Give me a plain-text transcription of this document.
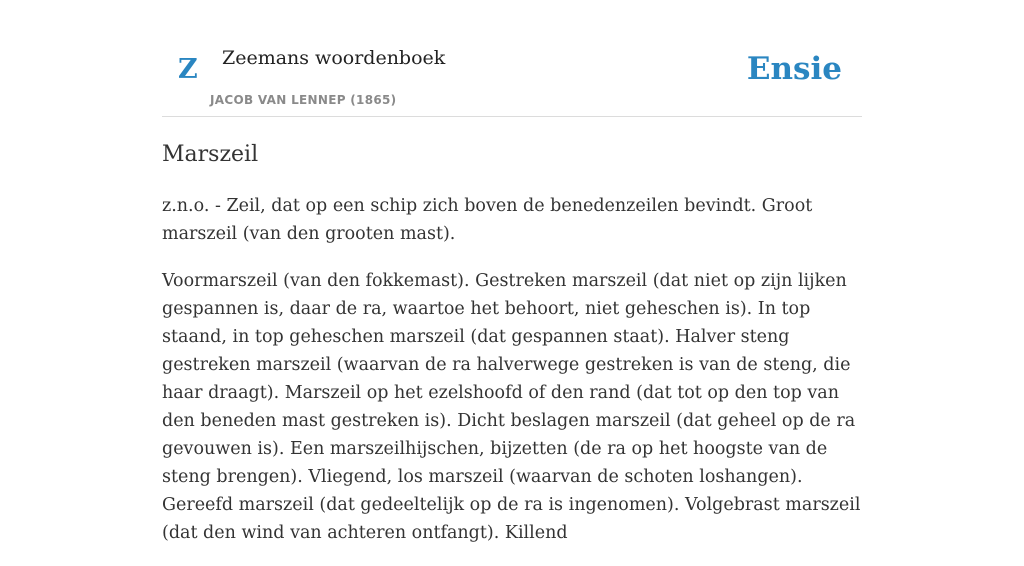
Z Zeemans woordenboek
JACOB VAN LENNEP (1865)
Ensie
Marszeil

z.n.o. - Zeil, dat op een schip zich boven de benedenzeilen bevindt. Groot marszeil (van den grooten mast).

Voormarszeil (van den fokkemast). Gestreken marszeil (dat niet op zijn lijken gespannen is, daar de ra, waartoe het behoort, niet geheschen is). In top staand, in top geheschen marszeil (dat gespannen staat). Halver steng gestreken marszeil (waarvan de ra halverwege gestreken is van de steng, die haar draagt). Marszeil op het ezelshoofd of den rand (dat tot op den top van den beneden mast gestreken is). Dicht beslagen marszeil (dat geheel op de ra gevouwen is). Een marszeilhijschen, bijzetten (de ra op het hoogste van de steng brengen). Vliegend, los marszeil (waarvan de schoten loshangen). Gereefd marszeil (dat gedeeltelijk op de ra is ingenomen). Volgebrast marszeil (dat den wind van achteren ontfangt). Killend
